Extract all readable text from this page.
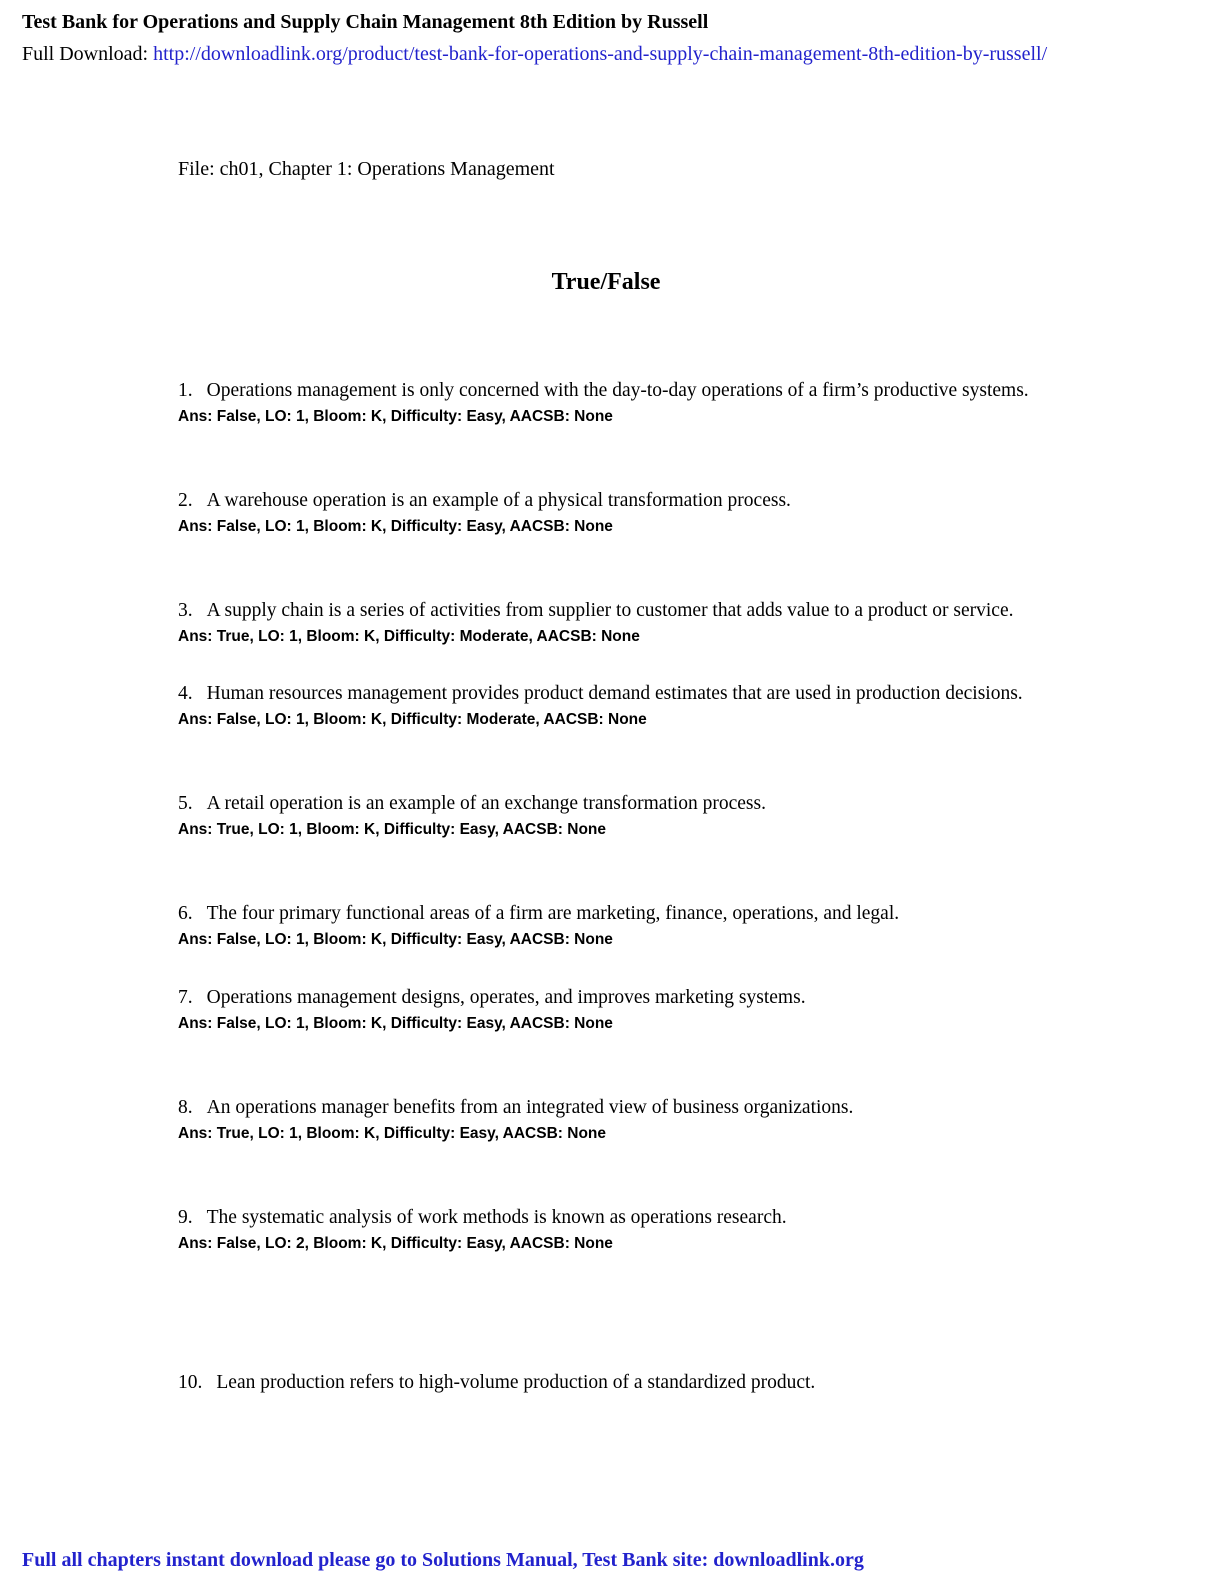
Test Bank for Operations and Supply Chain Management 8th Edition by Russell
Full Download: http://downloadlink.org/product/test-bank-for-operations-and-supply-chain-management-8th-edition-by-russell/
File: ch01, Chapter 1: Operations Management
True/False

1. Operations management is only concerned with the day-to-day operations of a firm’s productive systems.

Ans: False, LO: 1, Bloom: K, Difficulty: Easy, AACSB: None

2. A warehouse operation is an example of a physical transformation process.

Ans: False, LO: 1, Bloom: K, Difficulty: Easy, AACSB: None

3. A supply chain is a series of activities from supplier to customer that adds value to a product or service.

Ans: True, LO: 1, Bloom: K, Difficulty: Moderate, AACSB: None

4. Human resources management provides product demand estimates that are used in production decisions.

Ans: False, LO: 1, Bloom: K, Difficulty: Moderate, AACSB: None

5. A retail operation is an example of an exchange transformation process.

Ans: True, LO: 1, Bloom: K, Difficulty: Easy, AACSB: None

6. The four primary functional areas of a firm are marketing, finance, operations, and legal.

Ans: False, LO: 1, Bloom: K, Difficulty: Easy, AACSB: None

7. Operations management designs, operates, and improves marketing systems.

Ans: False, LO: 1, Bloom: K, Difficulty: Easy, AACSB: None

8. An operations manager benefits from an integrated view of business organizations.

Ans: True, LO: 1, Bloom: K, Difficulty: Easy, AACSB: None

9. The systematic analysis of work methods is known as operations research.

Ans: False, LO: 2, Bloom: K, Difficulty: Easy, AACSB: None

10. Lean production refers to high-volume production of a standardized product.

Full all chapters instant download please go to Solutions Manual, Test Bank site: downloadlink.org
